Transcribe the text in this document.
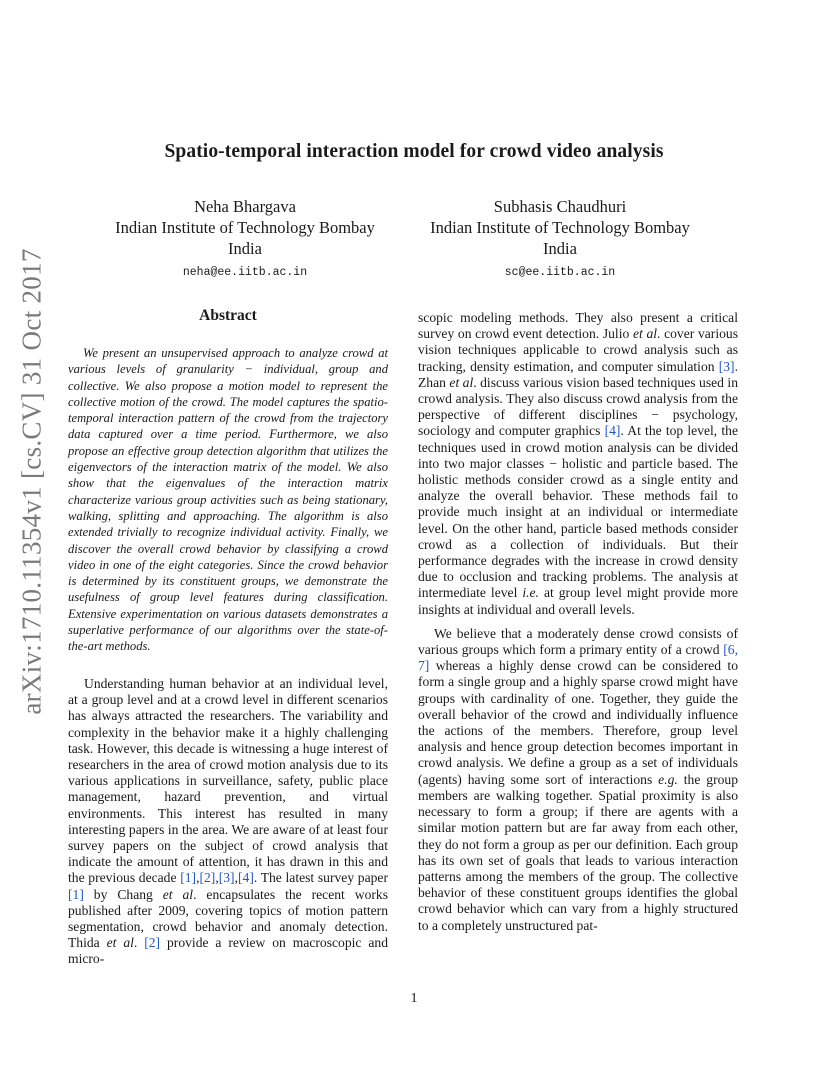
arXiv:1710.11354v1 [cs.CV] 31 Oct 2017
Spatio-temporal interaction model for crowd video analysis
Neha Bhargava
Indian Institute of Technology Bombay
India
neha@ee.iitb.ac.in
Subhasis Chaudhuri
Indian Institute of Technology Bombay
India
sc@ee.iitb.ac.in
Abstract

We present an unsupervised approach to analyze crowd at various levels of granularity − individual, group and collective. We also propose a motion model to represent the collective motion of the crowd. The model captures the spatio-temporal interaction pattern of the crowd from the trajectory data captured over a time period. Furthermore, we also propose an effective group detection algorithm that utilizes the eigenvectors of the interaction matrix of the model. We also show that the eigenvalues of the interaction matrix characterize various group activities such as being stationary, walking, splitting and approaching. The algorithm is also extended trivially to recognize individual activity. Finally, we discover the overall crowd behavior by classifying a crowd video in one of the eight categories. Since the crowd behavior is determined by its constituent groups, we demonstrate the usefulness of group level features during classification. Extensive experimentation on various datasets demonstrates a superlative performance of our algorithms over the state-of-the-art methods.

Understanding human behavior at an individual level, at a group level and at a crowd level in different scenarios has always attracted the researchers. The variability and complexity in the behavior make it a highly challenging task. However, this decade is witnessing a huge interest of researchers in the area of crowd motion analysis due to its various applications in surveillance, safety, public place management, hazard prevention, and virtual environments. This interest has resulted in many interesting papers in the area. We are aware of at least four survey papers on the subject of crowd analysis that indicate the amount of attention, it has drawn in this and the previous decade [1],[2],[3],[4]. The latest survey paper [1] by Chang et al. encapsulates the recent works published after 2009, covering topics of motion pattern segmentation, crowd behavior and anomaly detection. Thida et al. [2] provide a review on macroscopic and micro-

scopic modeling methods. They also present a critical survey on crowd event detection. Julio et al. cover various vision techniques applicable to crowd analysis such as tracking, density estimation, and computer simulation [3]. Zhan et al. discuss various vision based techniques used in crowd analysis. They also discuss crowd analysis from the perspective of different disciplines − psychology, sociology and computer graphics [4]. At the top level, the techniques used in crowd motion analysis can be divided into two major classes − holistic and particle based. The holistic methods consider crowd as a single entity and analyze the overall behavior. These methods fail to provide much insight at an individual or intermediate level. On the other hand, particle based methods consider crowd as a collection of individuals. But their performance degrades with the increase in crowd density due to occlusion and tracking problems. The analysis at intermediate level i.e. at group level might provide more insights at individual and overall levels.

We believe that a moderately dense crowd consists of various groups which form a primary entity of a crowd [6, 7] whereas a highly dense crowd can be considered to form a single group and a highly sparse crowd might have groups with cardinality of one. Together, they guide the overall behavior of the crowd and individually influence the actions of the members. Therefore, group level analysis and hence group detection becomes important in crowd analysis. We define a group as a set of individuals (agents) having some sort of interactions e.g. the group members are walking together. Spatial proximity is also necessary to form a group; if there are agents with a similar motion pattern but are far away from each other, they do not form a group as per our definition. Each group has its own set of goals that leads to various interaction patterns among the members of the group. The collective behavior of these constituent groups identifies the global crowd behavior which can vary from a highly structured to a completely unstructured pat-

1
